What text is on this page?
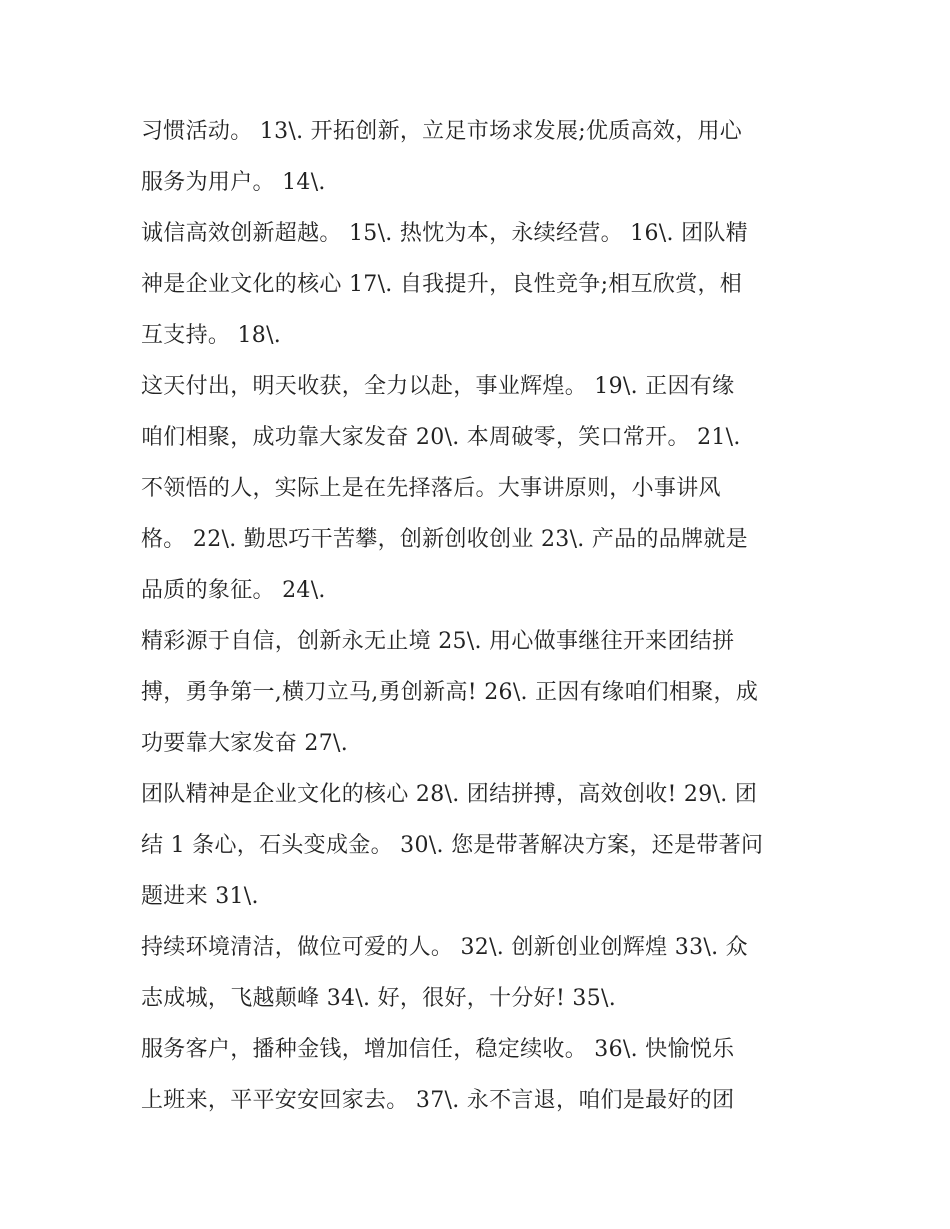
习惯活动。 13\. 开拓创新，立足市场求发展;优质高效，用心
服务为用户。 14\.
诚信高效创新超越。 15\. 热忱为本，永续经营。 16\. 团队精
神是企业文化的核心 17\. 自我提升，良性竞争;相互欣赏，相
互支持。 18\.
这天付出，明天收获，全力以赴，事业辉煌。 19\. 正因有缘
咱们相聚，成功靠大家发奋 20\. 本周破零，笑口常开。 21\.
不领悟的人，实际上是在先择落后。大事讲原则，小事讲风
格。 22\. 勤思巧干苦攀，创新创收创业 23\. 产品的品牌就是
品质的象征。 24\.
精彩源于自信，创新永无止境 25\. 用心做事继往开来团结拼
搏，勇争第一,横刀立马,勇创新高! 26\. 正因有缘咱们相聚，成
功要靠大家发奋 27\.
团队精神是企业文化的核心 28\. 团结拼搏，高效创收! 29\. 团
结 1 条心，石头变成金。 30\. 您是带著解决方案，还是带著问
题进来 31\.
持续环境清洁，做位可爱的人。 32\. 创新创业创辉煌 33\. 众
志成城，飞越颠峰 34\. 好，很好，十分好! 35\.
服务客户，播种金钱，增加信任，稳定续收。 36\. 快愉悦乐
上班来，平平安安回家去。 37\. 永不言退，咱们是最好的团
